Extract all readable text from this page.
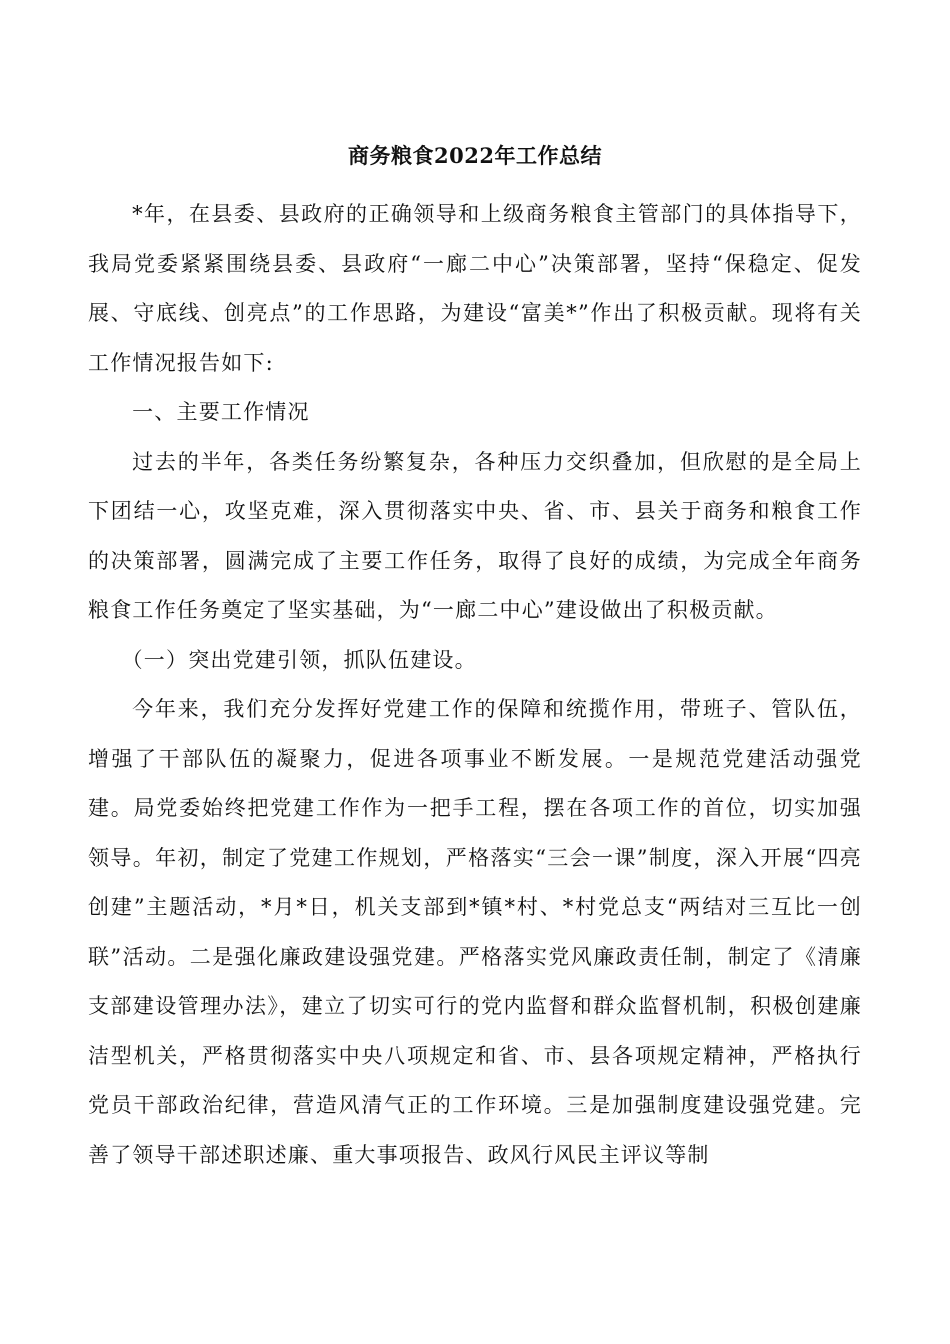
商务粮食2022年工作总结

*年，在县委、县政府的正确领导和上级商务粮食主管部门的具体指导下，我局党委紧紧围绕县委、县政府“一廊二中心”决策部署，坚持“保稳定、促发展、守底线、创亮点”的工作思路，为建设“富美*”作出了积极贡献。现将有关工作情况报告如下:

一、主要工作情况

过去的半年，各类任务纷繁复杂，各种压力交织叠加，但欣慰的是全局上下团结一心，攻坚克难，深入贯彻落实中央、省、市、县关于商务和粮食工作的决策部署，圆满完成了主要工作任务，取得了良好的成绩，为完成全年商务粮食工作任务奠定了坚实基础，为“一廊二中心”建设做出了积极贡献。

（一）突出党建引领，抓队伍建设。

今年来，我们充分发挥好党建工作的保障和统揽作用，带班子、管队伍，增强了干部队伍的凝聚力，促进各项事业不断发展。一是规范党建活动强党建。局党委始终把党建工作作为一把手工程，摆在各项工作的首位，切实加强领导。年初，制定了党建工作规划，严格落实“三会一课”制度，深入开展“四亮创建”主题活动，*月*日，机关支部到*镇*村、*村党总支“两结对三互比一创联”活动。二是强化廉政建设强党建。严格落实党风廉政责任制，制定了《清廉支部建设管理办法》，建立了切实可行的党内监督和群众监督机制，积极创建廉洁型机关，严格贯彻落实中央八项规定和省、市、县各项规定精神，严格执行党员干部政治纪律，营造风清气正的工作环境。三是加强制度建设强党建。完善了领导干部述职述廉、重大事项报告、政风行风民主评议等制
